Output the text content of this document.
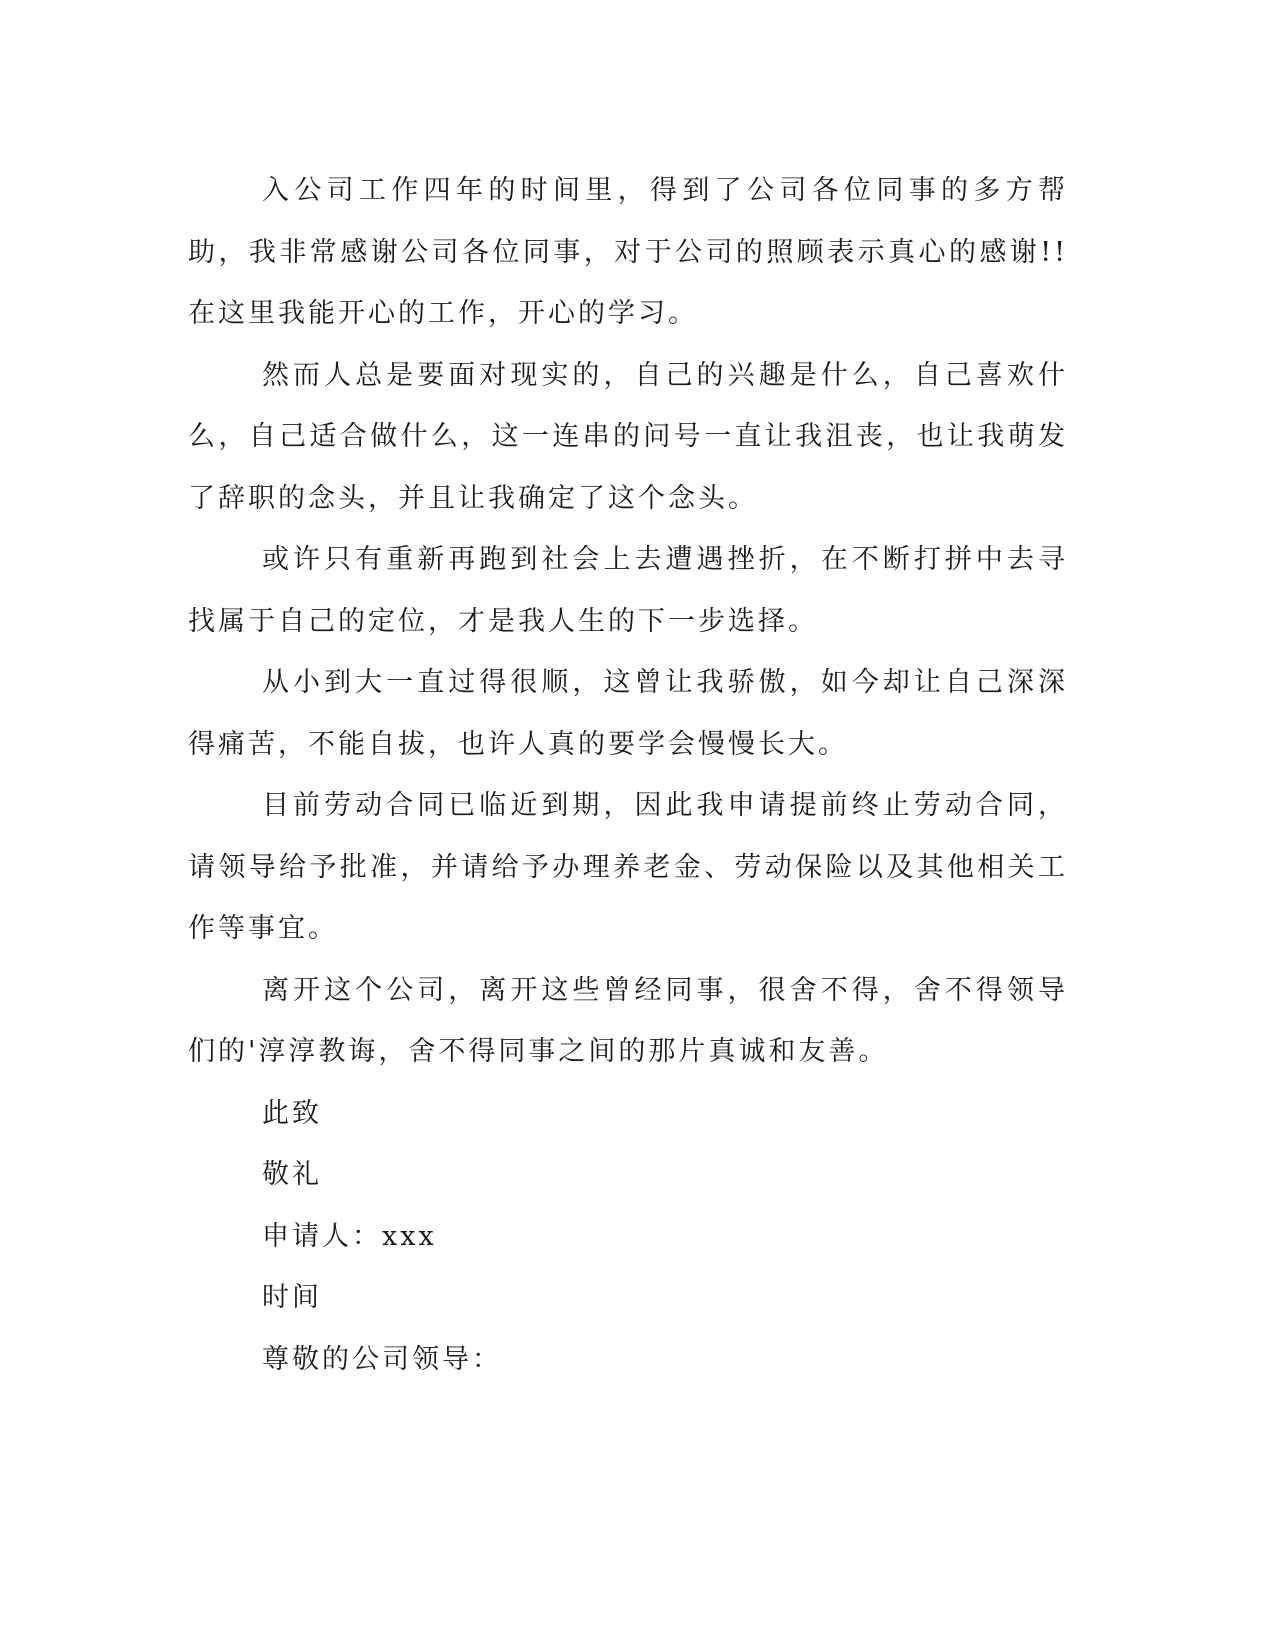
入公司工作四年的时间里，得到了公司各位同事的多方帮助，我非常感谢公司各位同事，对于公司的照顾表示真心的感谢!!在这里我能开心的工作，开心的学习。

然而人总是要面对现实的，自己的兴趣是什么，自己喜欢什么，自己适合做什么，这一连串的问号一直让我沮丧，也让我萌发了辞职的念头，并且让我确定了这个念头。

或许只有重新再跑到社会上去遭遇挫折，在不断打拼中去寻找属于自己的定位，才是我人生的下一步选择。

从小到大一直过得很顺，这曾让我骄傲，如今却让自己深深得痛苦，不能自拔，也许人真的要学会慢慢长大。

目前劳动合同已临近到期，因此我申请提前终止劳动合同，请领导给予批准，并请给予办理养老金、劳动保险以及其他相关工作等事宜。

离开这个公司，离开这些曾经同事，很舍不得，舍不得领导们的'淳淳教诲，舍不得同事之间的那片真诚和友善。

此致

敬礼

申请人：xxx

时间

尊敬的公司领导：
